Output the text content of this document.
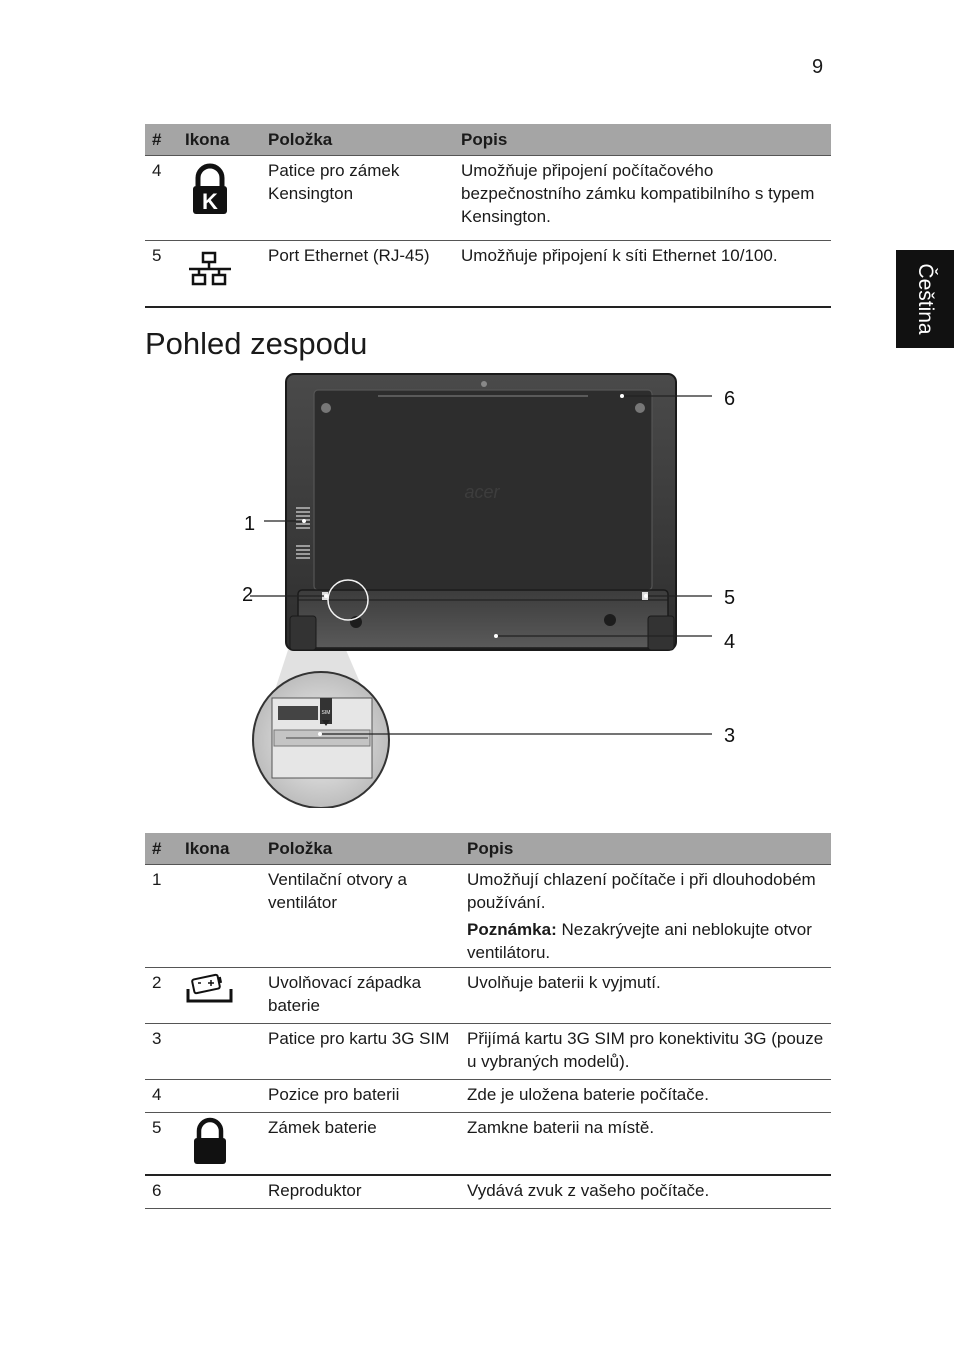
9
Čeština
#	Ikona	Položka	Popis
4	K	Patice pro zámek Kensington	Umožňuje připojení počítačového bezpečnostního zámku kompatibilního s typem Kensington.
5		Port Ethernet (RJ-45)	Umožňuje připojení k síti Ethernet 10/100.
Pohled zespodu
acer
SIM
1
2
3
4
5
6
#	Ikona	Položka	Popis
1		Ventilační otvory a ventilátor	Umožňují chlazení počítače i při dlouhodobém používání.

Poznámka: Nezakrývejte ani neblokujte otvor ventilátoru.

2		Uvolňovací západka baterie	Uvolňuje baterii k vyjmutí.
3		Patice pro kartu 3G SIM	Přijímá kartu 3G SIM pro konektivitu 3G (pouze u vybraných modelů).
4		Pozice pro baterii	Zde je uložena baterie počítače.
5		Zámek baterie	Zamkne baterii na místě.
6		Reproduktor	Vydává zvuk z vašeho počítače.
